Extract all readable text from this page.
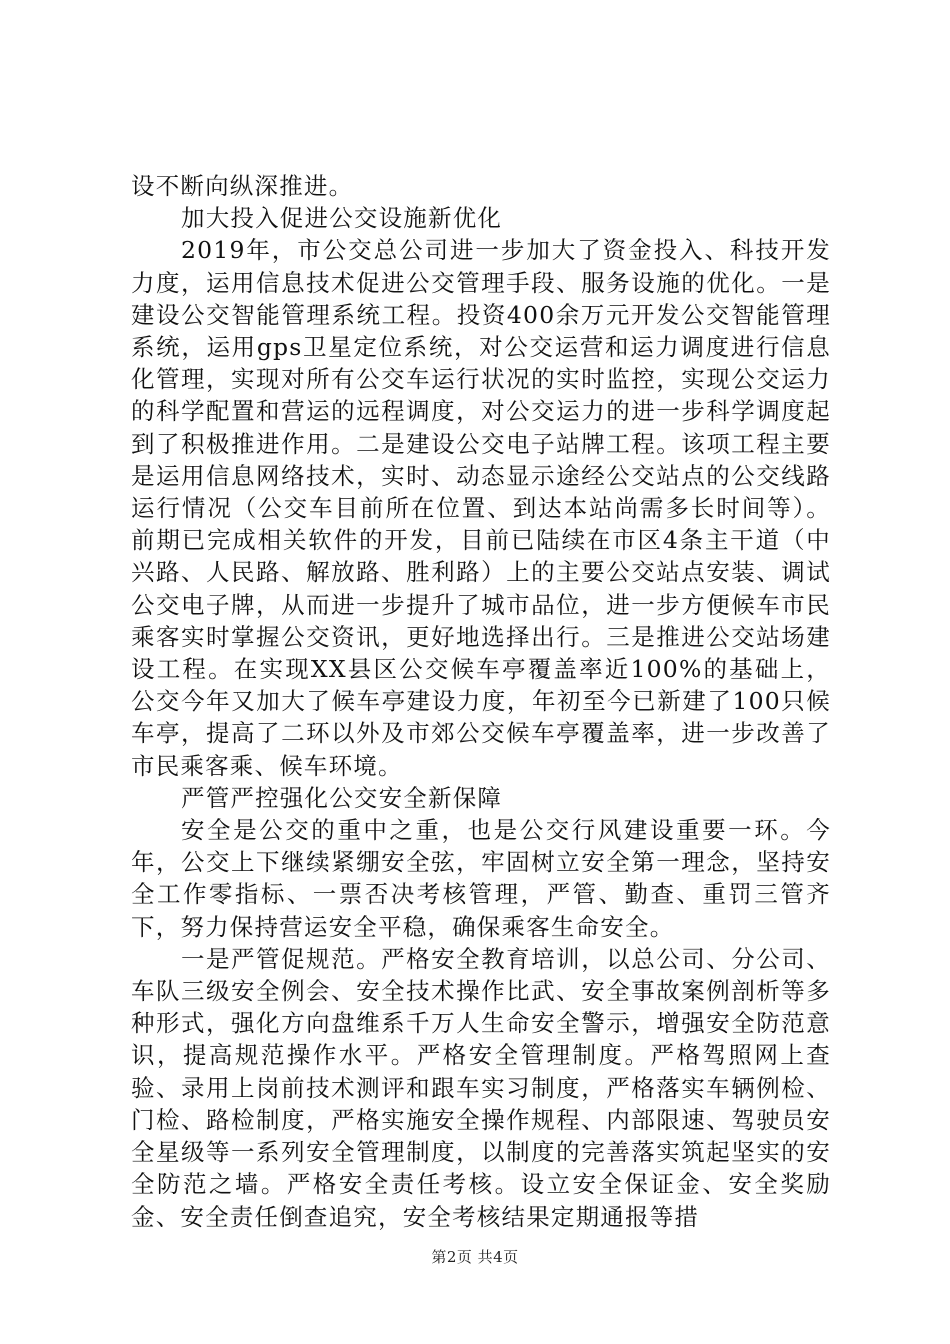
设不断向纵深推进。

加大投入促进公交设施新优化

2019年，市公交总公司进一步加大了资金投入、科技开发力度，运用信息技术促进公交管理手段、服务设施的优化。一是建设公交智能管理系统工程。投资400余万元开发公交智能管理系统，运用gps卫星定位系统，对公交运营和运力调度进行信息化管理，实现对所有公交车运行状况的实时监控，实现公交运力的科学配置和营运的远程调度，对公交运力的进一步科学调度起到了积极推进作用。二是建设公交电子站牌工程。该项工程主要是运用信息网络技术，实时、动态显示途经公交站点的公交线路运行情况（公交车目前所在位置、到达本站尚需多长时间等）。前期已完成相关软件的开发，目前已陆续在市区4条主干道（中兴路、人民路、解放路、胜利路）上的主要公交站点安装、调试公交电子牌，从而进一步提升了城市品位，进一步方便候车市民乘客实时掌握公交资讯，更好地选择出行。三是推进公交站场建设工程。在实现XX县区公交候车亭覆盖率近100%的基础上，公交今年又加大了候车亭建设力度，年初至今已新建了100只候车亭，提高了二环以外及市郊公交候车亭覆盖率，进一步改善了市民乘客乘、候车环境。

严管严控强化公交安全新保障

安全是公交的重中之重，也是公交行风建设重要一环。今年，公交上下继续紧绷安全弦，牢固树立安全第一理念，坚持安全工作零指标、一票否决考核管理，严管、勤查、重罚三管齐下，努力保持营运安全平稳，确保乘客生命安全。

一是严管促规范。严格安全教育培训，以总公司、分公司、车队三级安全例会、安全技术操作比武、安全事故案例剖析等多种形式，强化方向盘维系千万人生命安全警示，增强安全防范意识，提高规范操作水平。严格安全管理制度。严格驾照网上查验、录用上岗前技术测评和跟车实习制度，严格落实车辆例检、门检、路检制度，严格实施安全操作规程、内部限速、驾驶员安全星级等一系列安全管理制度，以制度的完善落实筑起坚实的安全防范之墙。严格安全责任考核。设立安全保证金、安全奖励金、安全责任倒查追究，安全考核结果定期通报等措

第2页 共4页
